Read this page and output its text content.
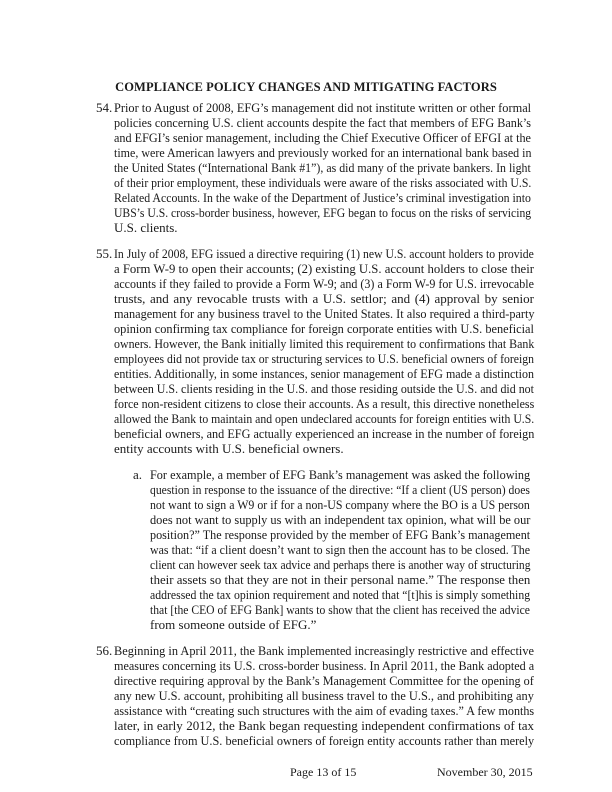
COMPLIANCE POLICY CHANGES AND MITIGATING FACTORS
54. Prior to August of 2008, EFG’s management did not institute written or other formal
policies concerning U.S. client accounts despite the fact that members of EFG Bank’s
and EFGI’s senior management, including the Chief Executive Officer of EFGI at the
time, were American lawyers and previously worked for an international bank based in
the United States (“International Bank #1”), as did many of the private bankers. In light
of their prior employment, these individuals were aware of the risks associated with U.S.
Related Accounts. In the wake of the Department of Justice’s criminal investigation into
UBS’s U.S. cross-border business, however, EFG began to focus on the risks of servicing
U.S. clients.
55. In July of 2008, EFG issued a directive requiring (1) new U.S. account holders to provide
a Form W-9 to open their accounts; (2) existing U.S. account holders to close their
accounts if they failed to provide a Form W-9; and (3) a Form W-9 for U.S. irrevocable
trusts, and any revocable trusts with a U.S. settlor; and (4) approval by senior
management for any business travel to the United States. It also required a third-party
opinion confirming tax compliance for foreign corporate entities with U.S. beneficial
owners. However, the Bank initially limited this requirement to confirmations that Bank
employees did not provide tax or structuring services to U.S. beneficial owners of foreign
entities. Additionally, in some instances, senior management of EFG made a distinction
between U.S. clients residing in the U.S. and those residing outside the U.S. and did not
force non-resident citizens to close their accounts. As a result, this directive nonetheless
allowed the Bank to maintain and open undeclared accounts for foreign entities with U.S.
beneficial owners, and EFG actually experienced an increase in the number of foreign
entity accounts with U.S. beneficial owners.
a. For example, a member of EFG Bank’s management was asked the following
question in response to the issuance of the directive: “If a client (US person) does
not want to sign a W9 or if for a non-US company where the BO is a US person
does not want to supply us with an independent tax opinion, what will be our
position?” The response provided by the member of EFG Bank’s management
was that: “if a client doesn’t want to sign then the account has to be closed. The
client can however seek tax advice and perhaps there is another way of structuring
their assets so that they are not in their personal name.” The response then
addressed the tax opinion requirement and noted that “[t]his is simply something
that [the CEO of EFG Bank] wants to show that the client has received the advice
from someone outside of EFG.”
56. Beginning in April 2011, the Bank implemented increasingly restrictive and effective
measures concerning its U.S. cross-border business. In April 2011, the Bank adopted a
directive requiring approval by the Bank’s Management Committee for the opening of
any new U.S. account, prohibiting all business travel to the U.S., and prohibiting any
assistance with “creating such structures with the aim of evading taxes.” A few months
later, in early 2012, the Bank began requesting independent confirmations of tax
compliance from U.S. beneficial owners of foreign entity accounts rather than merely
Page 13 of 15	November 30, 2015
